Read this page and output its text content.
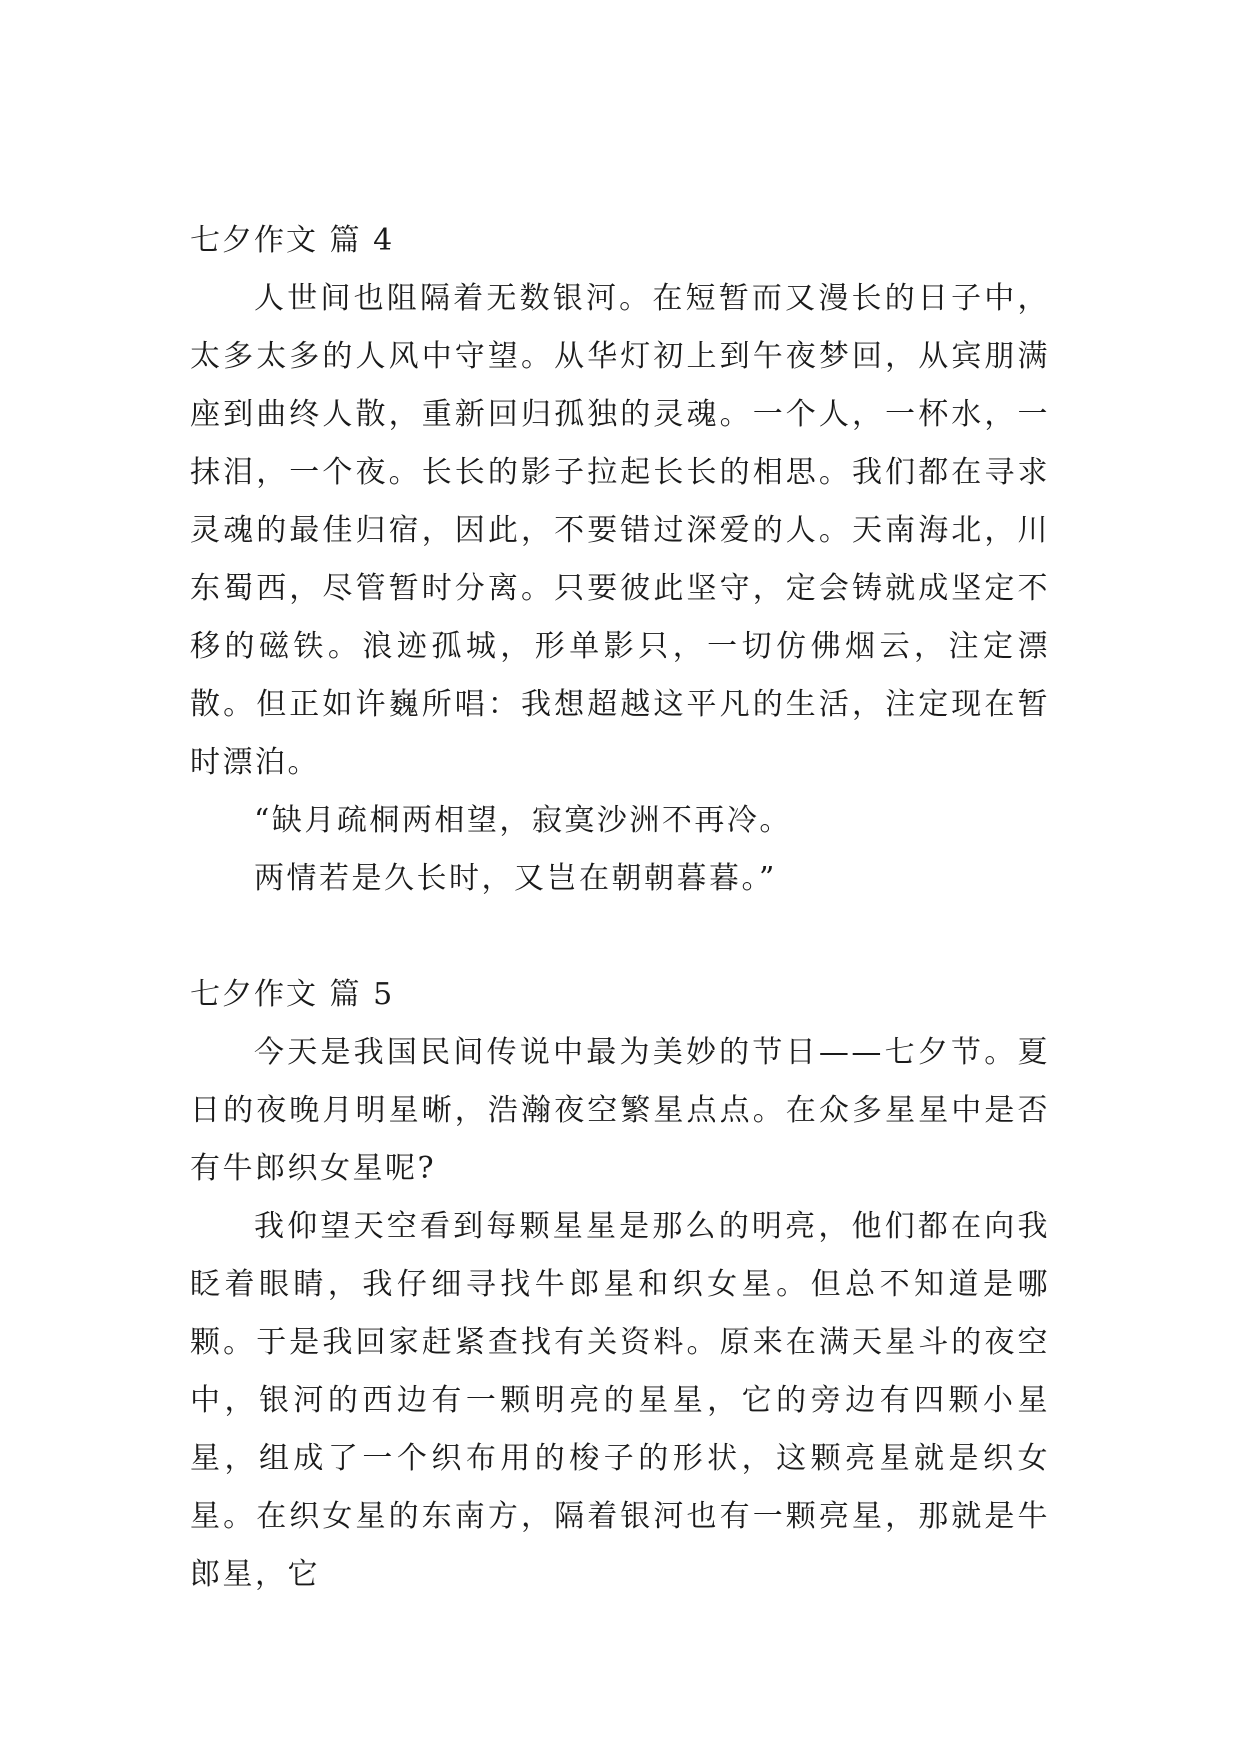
七夕作文 篇 4

人世间也阻隔着无数银河。在短暂而又漫长的日子中，太多太多的人风中守望。从华灯初上到午夜梦回，从宾朋满座到曲终人散，重新回归孤独的灵魂。一个人，一杯水，一抹泪，一个夜。长长的影子拉起长长的相思。我们都在寻求灵魂的最佳归宿，因此，不要错过深爱的人。天南海北，川东蜀西，尽管暂时分离。只要彼此坚守，定会铸就成坚定不移的磁铁。浪迹孤城，形单影只，一切仿佛烟云，注定漂散。但正如许巍所唱：我想超越这平凡的生活，注定现在暂时漂泊。

“缺月疏桐两相望，寂寞沙洲不再冷。

两情若是久长时，又岂在朝朝暮暮。”

七夕作文 篇 5

今天是我国民间传说中最为美妙的节日——七夕节。夏日的夜晚月明星晰，浩瀚夜空繁星点点。在众多星星中是否有牛郎织女星呢?

我仰望天空看到每颗星星是那么的明亮，他们都在向我眨着眼睛，我仔细寻找牛郎星和织女星。但总不知道是哪颗。于是我回家赶紧查找有关资料。原来在满天星斗的夜空中，银河的西边有一颗明亮的星星，它的旁边有四颗小星星，组成了一个织布用的梭子的形状，这颗亮星就是织女星。在织女星的东南方，隔着银河也有一颗亮星，那就是牛郎星，它
